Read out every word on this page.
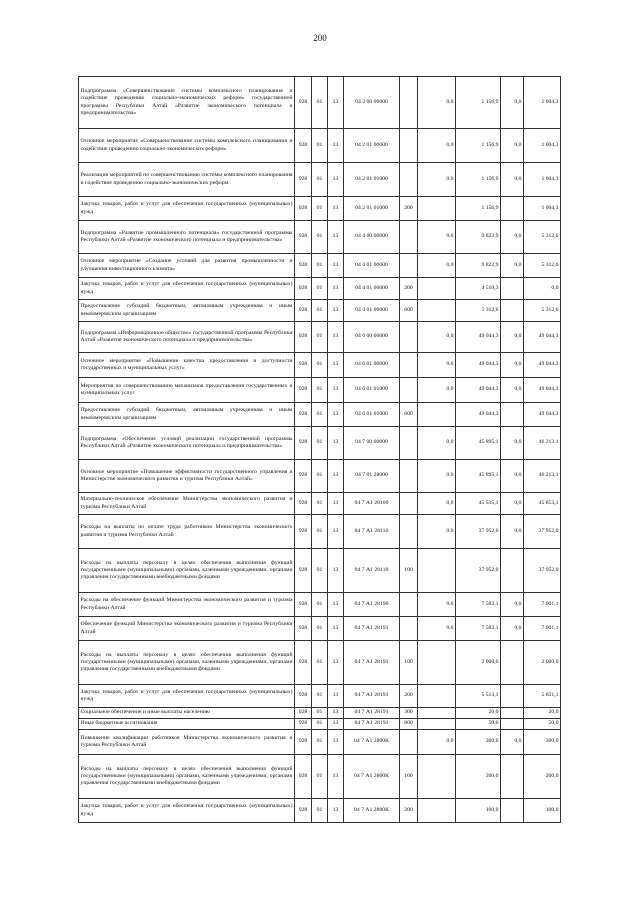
200
Подпрограмма «Совершенствование системы комплексного планирования и содействие проведению социально-экономических реформ» государственной программы Республики Алтай «Развитие экономического потенциала и предпринимательства»	928	01	13	04 2 00 00000		0,0	1 156,9	0,0	1 004,3
Основное мероприятие «Совершенствование системы комплексного планирования и содействие проведению социально-экономических реформ»	928	01	13	04 2 01 00000		0,0	1 156,9	0,0	1 004,3
Реализация мероприятий по совершенствованию системы комплексного планирования и содействие проведению социально-экономических реформ	928	01	13	04 2 01 01000		0,0	1 156,9	0,0	1 004,3
Закупка товаров, работ и услуг для обеспечения государственных (муниципальных) нужд	928	01	13	04 2 01 01000	200		1 156,9		1 004,3
Подпрограмма «Развитие промышленного потенциала» государственной программы Республики Алтай «Развитие экономического потенциала и предпринимательства»	928	01	13	04 4 00 00000		0,0	9 822,9	0,0	5 312,6
Основное мероприятие «Создание условий для развития промышленности и улучшения инвестиционного климата»	928	01	13	04 4 01 00000		0,0	9 822,9	0,0	5 312,6
Закупка товаров, работ и услуг для обеспечения государственных (муниципальных) нужд	928	01	13	04 4 01 00000	200		4 510,3		0,0
Предоставление субсидий бюджетным, автономным учреждениям и иным некоммерческим организациям	928	01	13	04 4 01 00000	600		5 312,6		5 312,6
Подпрограмма «Информационное общество» государственной программы Республики Алтай «Развитие экономического потенциала и предпринимательства»	928	01	13	04 6 00 00000		0,0	49 044,3	0,0	49 044,3
Основное мероприятие «Повышение качества предоставления и доступности государственных и муниципальных услуг»	928	01	13	04 6 01 00000		0,0	49 044,3	0,0	49 044,3
Мероприятия по совершенствованию механизмов предоставления государственных и муниципальных услуг	928	01	13	04 6 01 01000		0,0	49 044,3	0,0	49 044,3
Предоставление субсидий бюджетным, автономным учреждениям и иным некоммерческим организациям	928	01	13	04 6 01 01000	600		49 044,3		49 044,3
Подпрограмма «Обеспечение условий реализации государственной программы Республики Алтай «Развитие экономического потенциала и предпринимательства»	928	01	13	04 7 00 00000		0,0	45 895,1	0,0	46 213,1
Основное мероприятие «Повышение эффективности государственного управления в Министерстве экономического развития и туризма Республики Алтай»	928	01	13	04 7 01 28000		0,0	45 895,1	0,0	46 213,1
Материально-техническое обеспечение Министерства экономического развития и туризма Республики Алтай	928	01	13	04 7 А1 28100		0,0	45 535,1	0,0	45 853,1
Расходы на выплаты по оплате труда работников Министерства экономического развития и туризма Республики Алтай	928	01	13	04 7 А1 28110		0,0	37 952,0	0,0	37 952,0
Расходы на выплаты персоналу в целях обеспечения выполнения функций государственными (муниципальными) органами, казенными учреждениями, органами управления государственными внебюджетными фондами	928	01	13	04 7 А1 28110	100		37 952,0		37 952,0
Расходы на обеспечение функций Министерства экономического развития и туризма Республики Алтай	928	01	13	04 7 А1 28190		0,0	7 583,1	0,0	7 901,1
Обеспечение функций Министерства экономического развития и туризма Республики Алтай	928	01	13	04 7 А1 28191		0,0	7 583,1	0,0	7 901,1
Расходы на выплаты персоналу в целях обеспечения выполнения функций государственными (муниципальными) органами, казенными учреждениями, органами управления государственными внебюджетными фондами	928	01	13	04 7 А1 28191	100		2 000,0		2 000,0
Закупка товаров, работ и услуг для обеспечения государственных (муниципальных) нужд	928	01	13	04 7 А1 28191	200		5 513,1		5 831,1
Социальное обеспечение и иные выплаты населению	928	01	13	04 7 А1 28191	300		20,0		20,0
Иные бюджетные ассигнования	928	01	13	04 7 А1 28191	800		50,0		50,0
Повышение квалификации работников Министерства экономического развития и туризма Республики Алтай	928	01	13	04 7 А1 2800К		0,0	300,0	0,0	300,0
Расходы на выплаты персоналу в целях обеспечения выполнения функций государственными (муниципальными) органами, казенными учреждениями, органами управления государственными внебюджетными фондами	928	01	13	04 7 А1 2800К	100		200,0		200,0
Закупка товаров, работ и услуг для обеспечения государственных (муниципальных) нужд	928	01	13	04 7 А1 2800К	200		100,0		100,0
